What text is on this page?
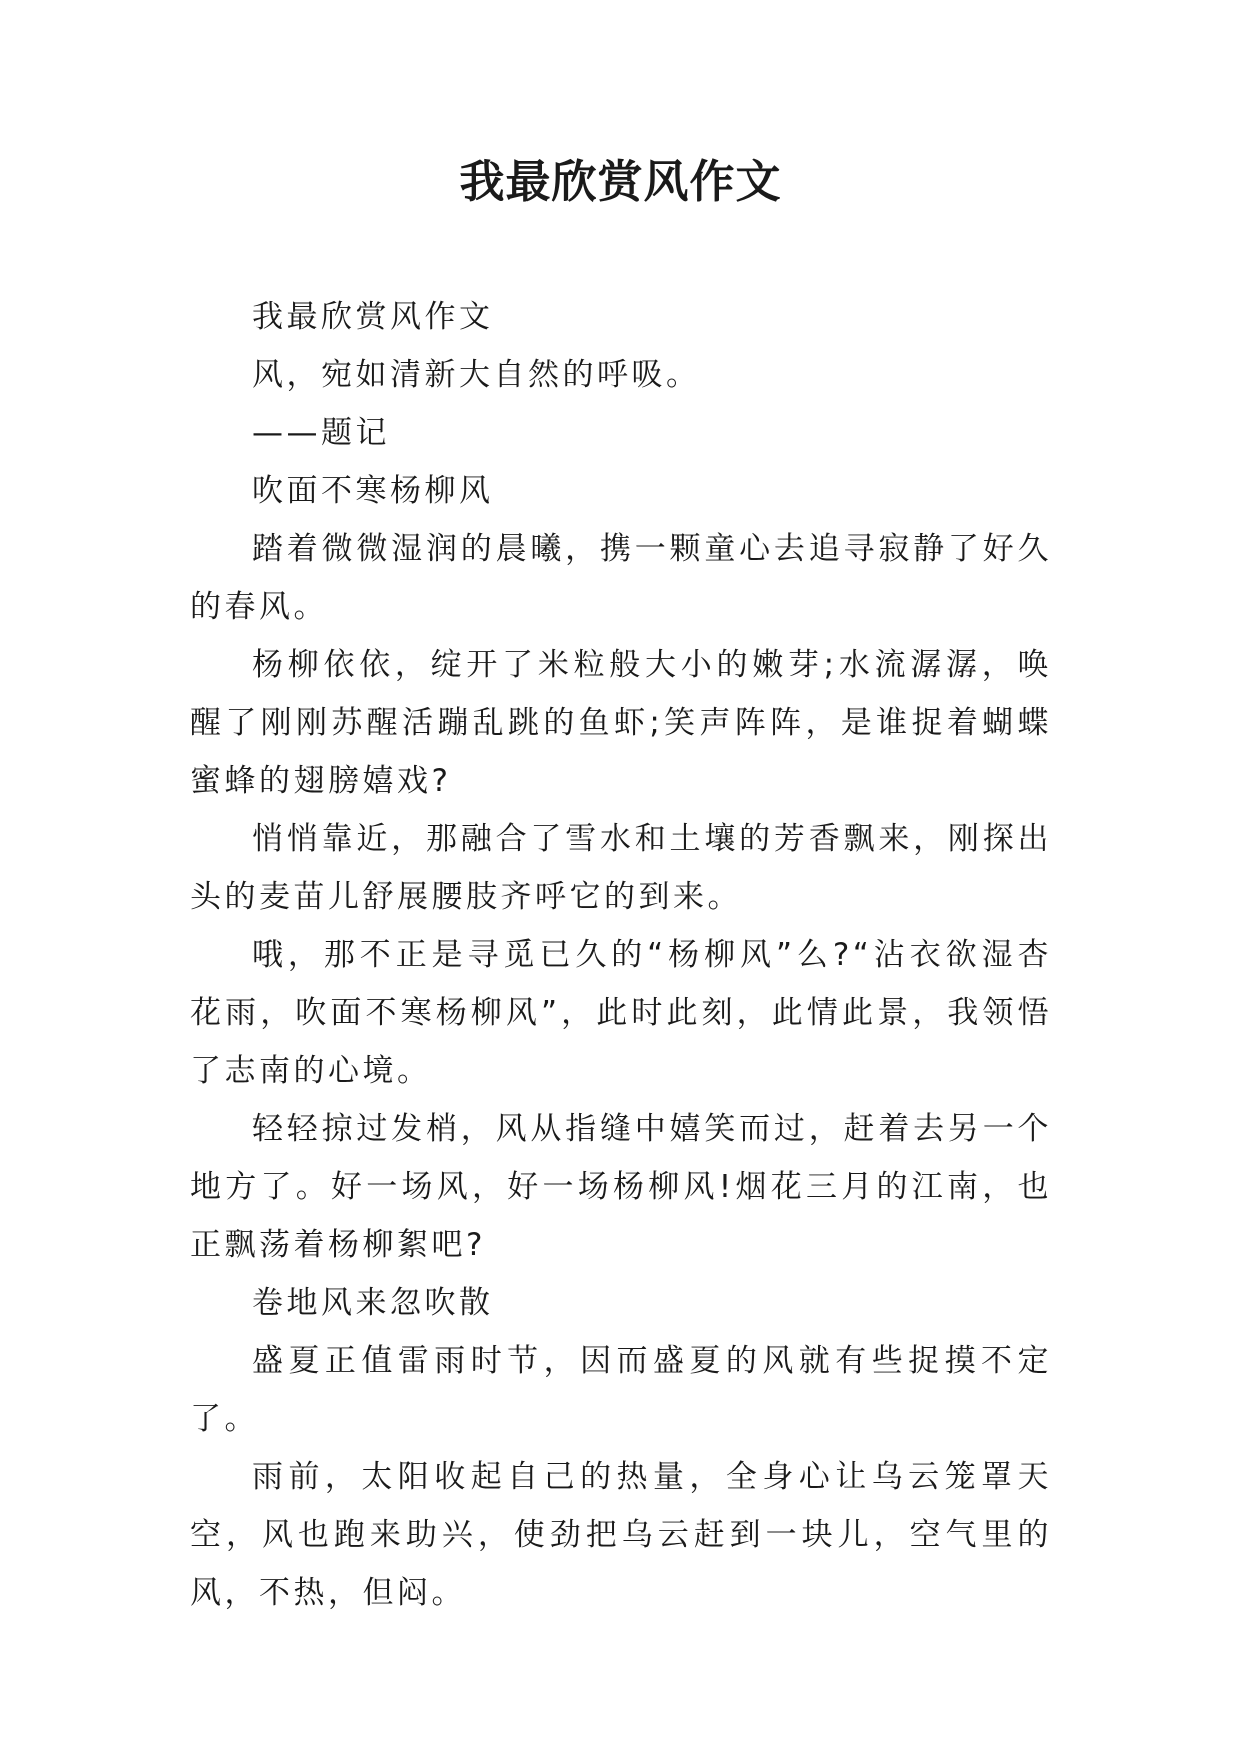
我最欣赏风作文

我最欣赏风作文

风，宛如清新大自然的呼吸。

——题记

吹面不寒杨柳风

踏着微微湿润的晨曦，携一颗童心去追寻寂静了好久的春风。

杨柳依依，绽开了米粒般大小的嫩芽;水流潺潺，唤醒了刚刚苏醒活蹦乱跳的鱼虾;笑声阵阵，是谁捉着蝴蝶蜜蜂的翅膀嬉戏?

悄悄靠近，那融合了雪水和土壤的芳香飘来，刚探出头的麦苗儿舒展腰肢齐呼它的到来。

哦，那不正是寻觅已久的“杨柳风”么?“沾衣欲湿杏花雨，吹面不寒杨柳风”，此时此刻，此情此景，我领悟了志南的心境。

轻轻掠过发梢，风从指缝中嬉笑而过，赶着去另一个地方了。好一场风，好一场杨柳风!烟花三月的江南，也正飘荡着杨柳絮吧?

卷地风来忽吹散

盛夏正值雷雨时节，因而盛夏的风就有些捉摸不定了。

雨前，太阳收起自己的热量，全身心让乌云笼罩天空，风也跑来助兴，使劲把乌云赶到一块儿，空气里的风，不热，但闷。
